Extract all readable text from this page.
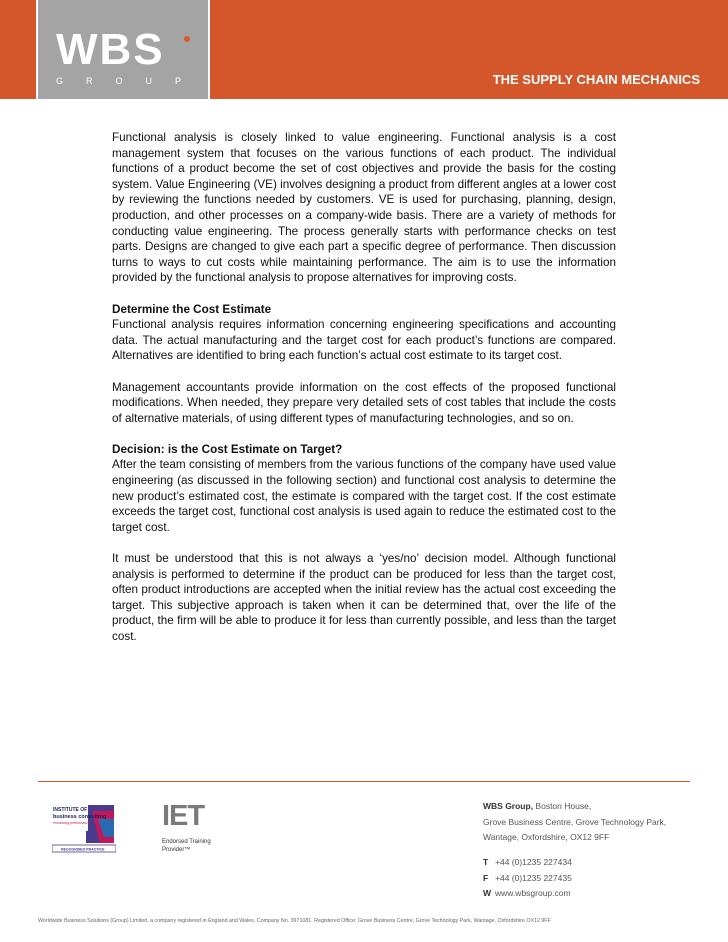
WBS
GROUP	THE SUPPLY CHAIN MECHANICS

Functional analysis is closely linked to value engineering. Functional analysis is a cost management system that focuses on the various functions of each product. The individual functions of a product become the set of cost objectives and provide the basis for the costing system. Value Engineering (VE) involves designing a product from different angles at a lower cost by reviewing the functions needed by customers. VE is used for purchasing, planning, design, production, and other processes on a company-wide basis. There are a variety of methods for conducting value engineering. The process generally starts with performance checks on test parts. Designs are changed to give each part a specific degree of performance. Then discussion turns to ways to cut costs while maintaining performance. The aim is to use the information provided by the functional analysis to propose alternatives for improving costs.

Determine the Cost Estimate

Functional analysis requires information concerning engineering specifications and accounting data. The actual manufacturing and the target cost for each product’s functions are compared. Alternatives are identified to bring each function’s actual cost estimate to its target cost.

Management accountants provide information on the cost effects of the proposed functional modifications. When needed, they prepare very detailed sets of cost tables that include the costs of alternative materials, of using different types of manufacturing technologies, and so on.

Decision: is the Cost Estimate on Target?

After the team consisting of members from the various functions of the company have used value engineering (as discussed in the following section) and functional cost analysis to determine the new product’s estimated cost, the estimate is compared with the target cost. If the cost estimate exceeds the target cost, functional cost analysis is used again to reduce the estimated cost to the target cost.

It must be understood that this is not always a ‘yes/no’ decision model. Although functional analysis is performed to determine if the product can be produced for less than the target cost, often product introductions are accepted when the initial review has the actual cost exceeding the target. This subjective approach is taken when it can be determined that, over the life of the product, the firm will be able to produce it for less than currently possible, and less than the target cost.

INSTITUTE OF
business consulting
enhancing performance
RECOGNISED PRACTICE
IET
Endorsed Training
Provider™
WBS Group, Boston House,
Grove Business Centre, Grove Technology Park,
Wantage, Oxfordshire, OX12 9FF
T +44 (0)1235 227434
F +44 (0)1235 227435
W www.wbsgroup.com
Worldwide Business Solutions (Group) Limited, a company registered in England and Wales, Company No. 3971081. Registered Office: Grove Business Centre, Grove Technology Park, Wantage, Oxfordshire OX12 9FF
